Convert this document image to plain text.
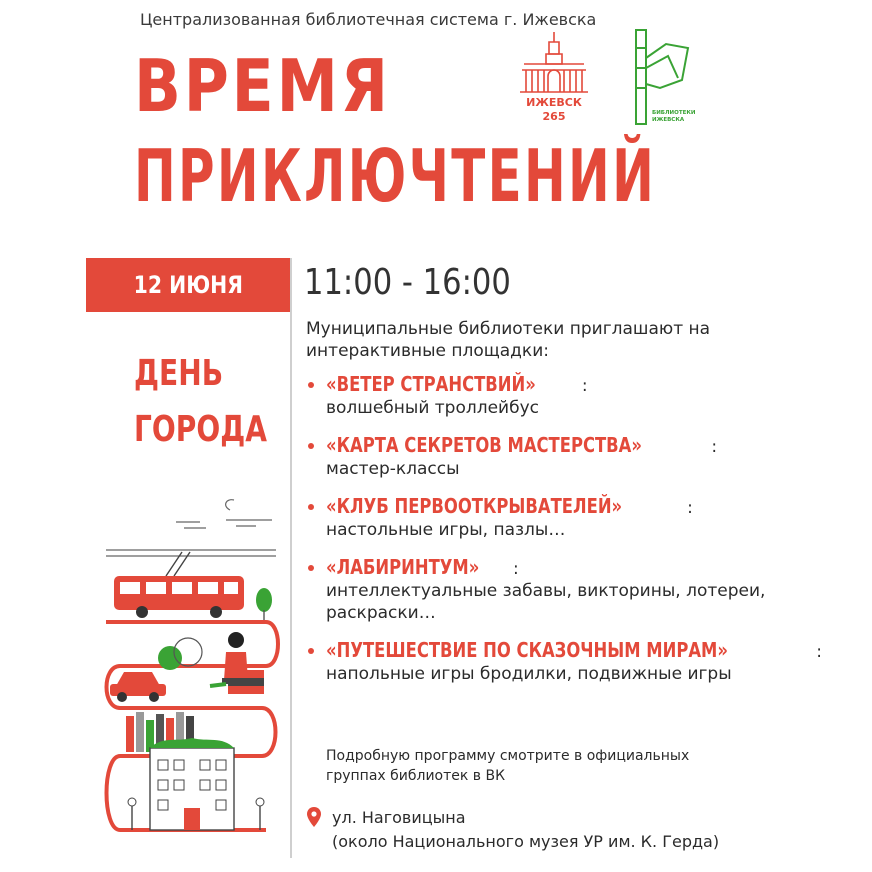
Централизованная библиотечная система г. Ижевска
ВРЕМЯ
ПРИКЛЮЧТЕНИЙ
ИЖЕВСК
265	БИБЛИОТЕКИ
ИЖЕВСКА
12 ИЮНЯ 11:00 - 16:00
ДЕНЬ
ГОРОДА
Муниципальные библиотеки приглашают на интерактивные площадки:
«ВЕТЕР СТРАНСТВИЙ»	:
волшебный троллейбус
«КАРТА СЕКРЕТОВ МАСТЕРСТВА»	:
мастер-классы
«КЛУБ ПЕРВООТКРЫВАТЕЛЕЙ»	:
настольные игры, пазлы…
«ЛАБИРИНТУМ» :
интеллектуальные забавы, викторины, лотереи, раскраски…
«ПУТЕШЕСТВИЕ ПО СКАЗОЧНЫМ МИРАМ»	:
напольные игры бродилки, подвижные игры
Подробную программу смотрите в официальных группах библиотек в ВК
ул. Наговицына
(около Национального музея УР им. К. Герда)
